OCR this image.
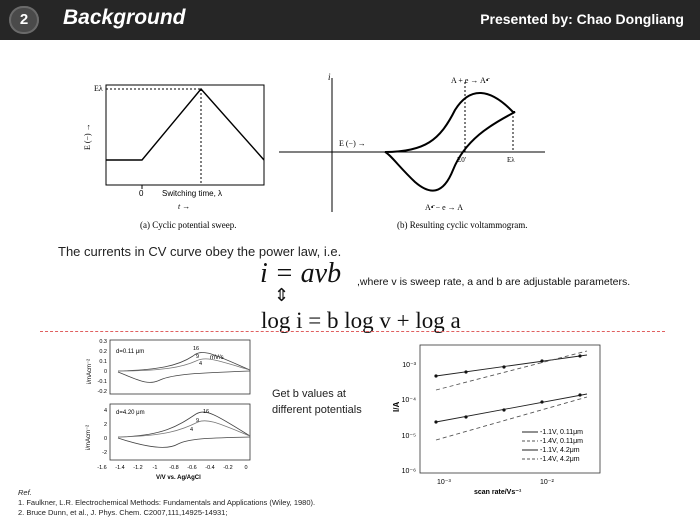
2	Background	Presented by: Chao Dongliang
Eλ
E (−) →
0 Switching time, λ
t →
(a) Cyclic potential sweep.
i
E (−) →
A + e → A•̄
A•̄ − e → A
E0'	Eλ
(b) Resulting cyclic voltammogram.
The currents in CV curve obey the power law, i.e.
i = avb ,where v is sweep rate, a and b are adjustable parameters.
⇕
log i = b log v + log a
i/mAcm⁻²
0.3
0.2
0.1
0
-0.1
-0.2
d=0.11 μm	16
9
4
mV/s
i/mAcm⁻²
4
2
0
-2
d=4.20 μm	16
9
4
-1.6 -1.4 -1.2 -1 -0.8 -0.6 -0.4 -0.2 0
V/V vs. Ag/AgCl
Get b values at
different potentials	I/A
10⁻³
10⁻⁴
10⁻⁵
10⁻⁶
10⁻³	10⁻²
scan rate/Vs⁻¹
-1.1V, 0.11μm
-1.4V, 0.11μm
-1.1V, 4.2μm
-1.4V, 4.2μm
Ref.
1. Faulkner, L.R. Electrochemical Methods: Fundamentals and Applications (Wiley, 1980).
2. Bruce Dunn, et al., J. Phys. Chem. C2007,111,14925-14931;
